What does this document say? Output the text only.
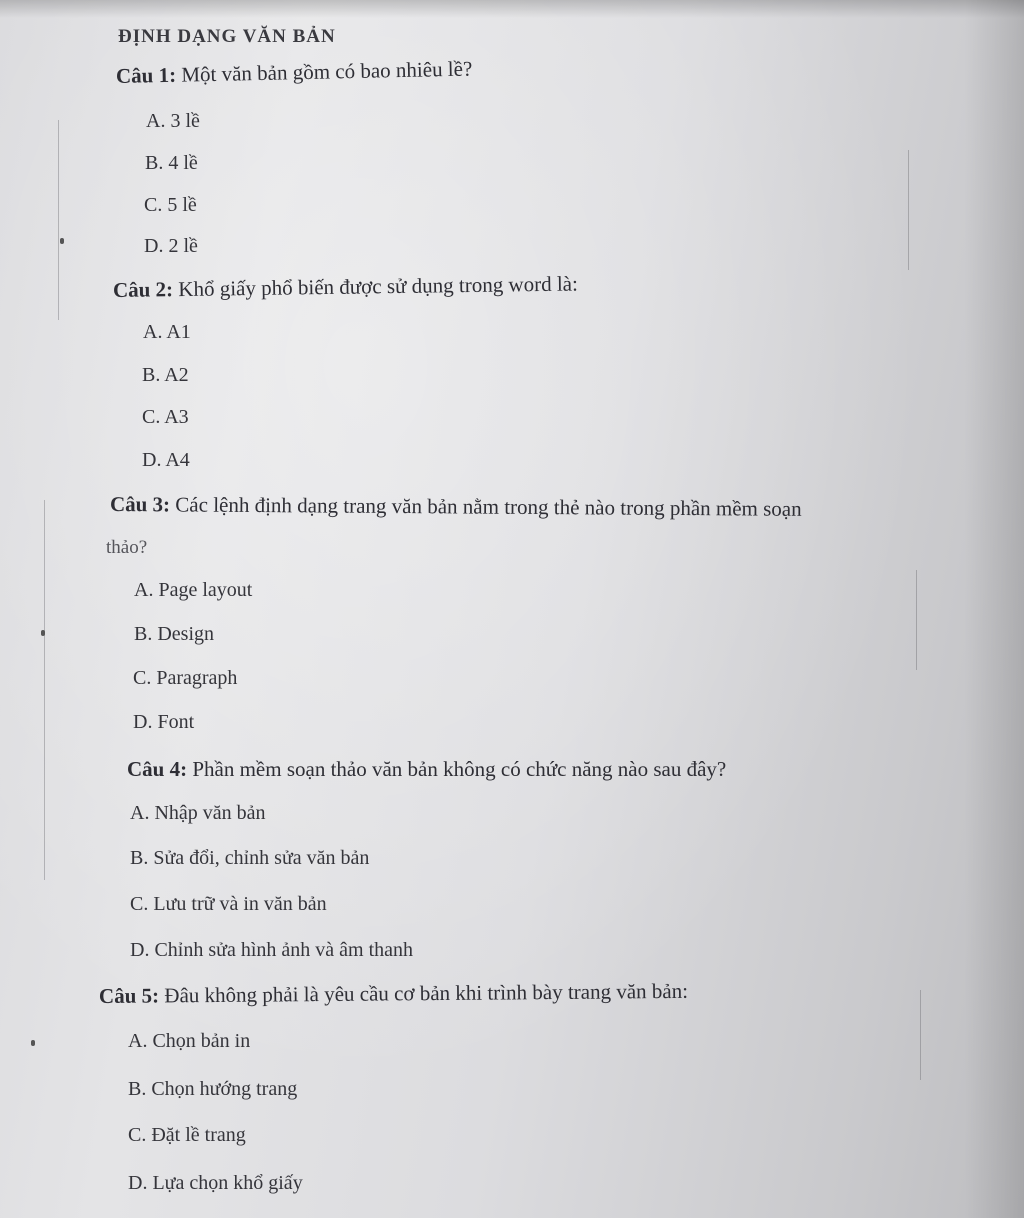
ĐỊNH DẠNG VĂN BẢN
Câu 1: Một văn bản gồm có bao nhiêu lề?
A. 3 lề
B. 4 lề
C. 5 lề
D. 2 lề
Câu 2: Khổ giấy phổ biến được sử dụng trong word là:
A. A1
B. A2
C. A3
D. A4
Câu 3: Các lệnh định dạng trang văn bản nằm trong thẻ nào trong phần mềm soạn
thảo?
A. Page layout
B. Design
C. Paragraph
D. Font
Câu 4: Phần mềm soạn thảo văn bản không có chức năng nào sau đây?
A. Nhập văn bản
B. Sửa đổi, chỉnh sửa văn bản
C. Lưu trữ và in văn bản
D. Chỉnh sửa hình ảnh và âm thanh
Câu 5: Đâu không phải là yêu cầu cơ bản khi trình bày trang văn bản:
A. Chọn bản in
B. Chọn hướng trang
C. Đặt lề trang
D. Lựa chọn khổ giấy
